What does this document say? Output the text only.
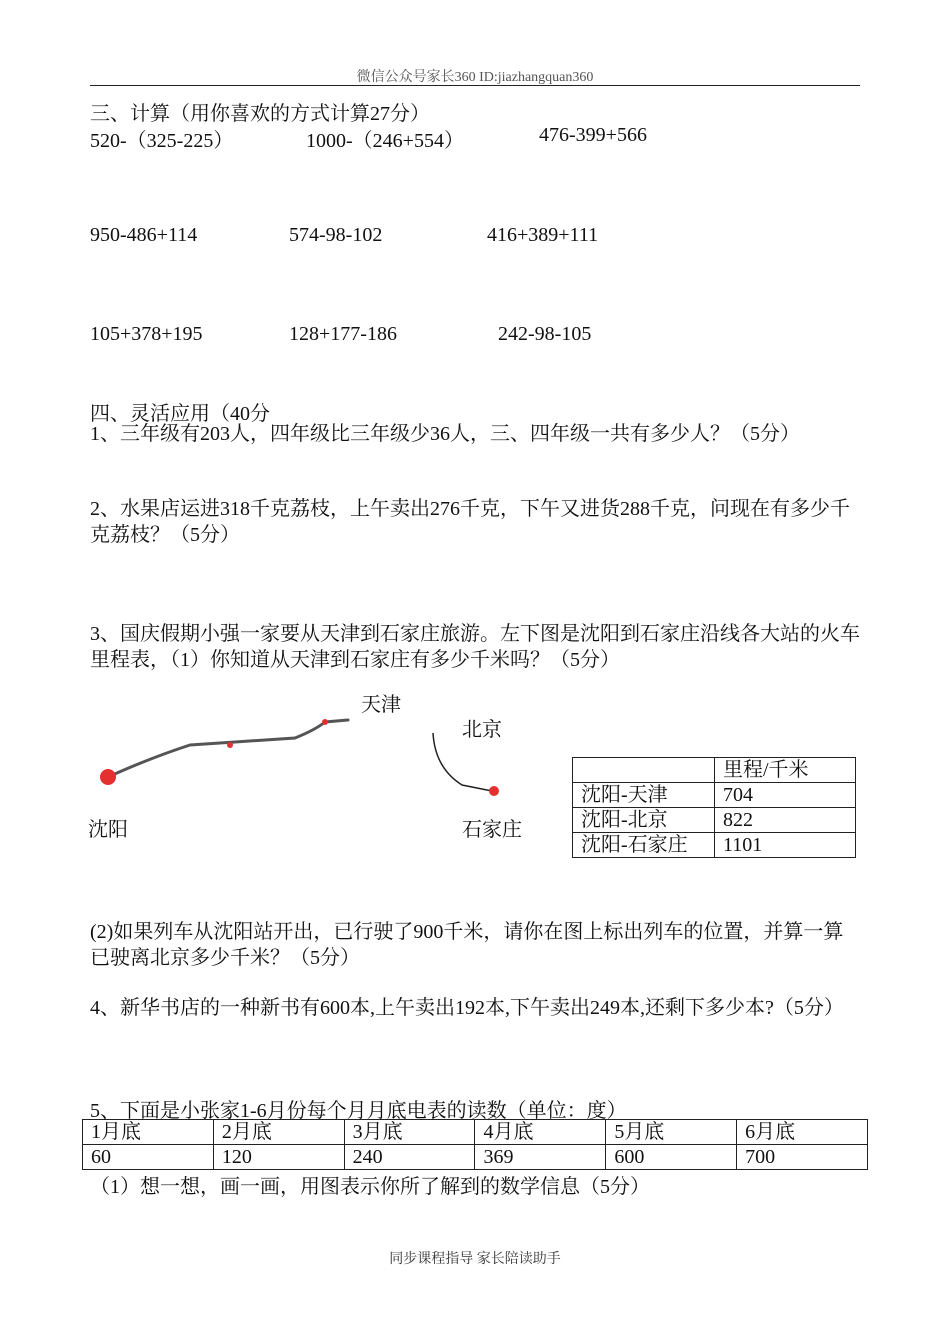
微信公众号家长360 ID:jiazhangquan360
三、计算（用你喜欢的方式计算27分）
520-（325-225）	1000-（246+554）	476-399+566
950-486+114	574-98-102	416+389+111
105+378+195	128+177-186	242-98-105
四、灵活应用（40分
1、三年级有203人，四年级比三年级少36人，三、四年级一共有多少人？（5分）
2、水果店运进318千克荔枝，上午卖出276千克，下午又进货288千克，问现在有多少千克荔枝？（5分）
3、国庆假期小强一家要从天津到石家庄旅游。左下图是沈阳到石家庄沿线各大站的火车里程表，（1）你知道从天津到石家庄有多少千米吗？（5分）
天津
北京
沈阳	石家庄
	里程/千米
沈阳-天津	704
沈阳-北京	822
沈阳-石家庄	1101
(2)如果列车从沈阳站开出，已行驶了900千米，请你在图上标出列车的位置，并算一算已驶离北京多少千米？（5分）
4、新华书店的一种新书有600本,上午卖出192本,下午卖出249本,还剩下多少本?（5分）
5、下面是小张家1-6月份每个月月底电表的读数（单位：度）
1月底	2月底	3月底	4月底	5月底	6月底
60	120	240	369	600	700
（1）想一想，画一画，用图表示你所了解到的数学信息（5分）
同步课程指导 家长陪读助手
